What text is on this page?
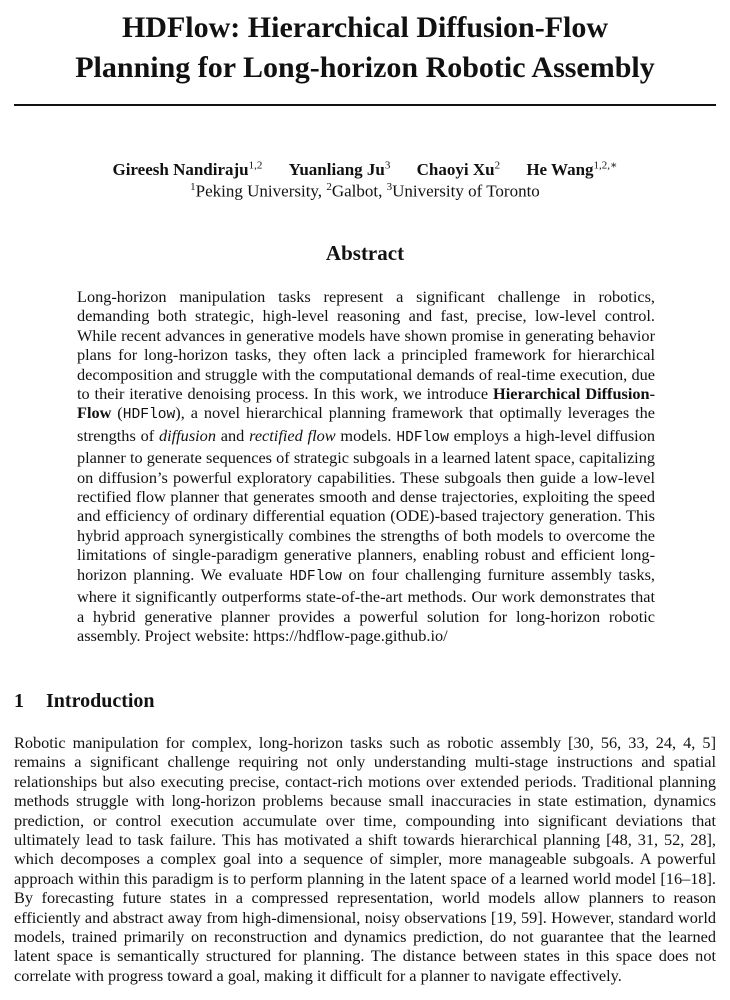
HDFlow: Hierarchical Diffusion-Flow
Planning for Long-horizon Robotic Assembly
Gireesh Nandiraju$^{1,2}$ Yuanliang Ju$^3$ Chaoyi Xu$^2$ He Wang$^{1,2,∗}$
$^1$Peking University, $^2$Galbot, $^3$University of Toronto
Abstract
Long-horizon manipulation tasks represent a significant challenge in robotics, demanding both strategic, high-level reasoning and fast, precise, low-level control. While recent advances in generative models have shown promise in generating behavior plans for long-horizon tasks, they often lack a principled framework for hierarchical decomposition and struggle with the computational demands of real-time execution, due to their iterative denoising process. In this work, we introduce Hierarchical Diffusion-Flow (HDFlow), a novel hierarchical planning framework that optimally leverages the strengths of diffusion and rectified flow models. HDFlow employs a high-level diffusion planner to generate sequences of strategic subgoals in a learned latent space, capitalizing on diffusion’s powerful exploratory capabilities. These subgoals then guide a low-level rectified flow planner that generates smooth and dense trajectories, exploiting the speed and efficiency of ordinary differential equation (ODE)-based trajectory generation. This hybrid approach synergistically combines the strengths of both models to overcome the limitations of single-paradigm generative planners, enabling robust and efficient long-horizon planning. We evaluate HDFlow on four challenging furniture assembly tasks, where it significantly outperforms state-of-the-art methods. Our work demonstrates that a hybrid generative planner provides a powerful solution for long-horizon robotic assembly. Project website: https://hdflow-page.github.io/
1 Introduction
Robotic manipulation for complex, long-horizon tasks such as robotic assembly [30, 56, 33, 24, 4, 5] remains a significant challenge requiring not only understanding multi-stage instructions and spatial relationships but also executing precise, contact-rich motions over extended periods. Traditional planning methods struggle with long-horizon problems because small inaccuracies in state estimation, dynamics prediction, or control execution accumulate over time, compounding into significant deviations that ultimately lead to task failure. This has motivated a shift towards hierarchical planning [48, 31, 52, 28], which decomposes a complex goal into a sequence of simpler, more manageable subgoals. A powerful approach within this paradigm is to perform planning in the latent space of a learned world model [16–18]. By forecasting future states in a compressed representation, world models allow planners to reason efficiently and abstract away from high-dimensional, noisy observations [19, 59]. However, standard world models, trained primarily on reconstruction and dynamics prediction, do not guarantee that the learned latent space is semantically structured for planning. The distance between states in this space does not correlate with progress toward a goal, making it difficult for a planner to navigate effectively.
